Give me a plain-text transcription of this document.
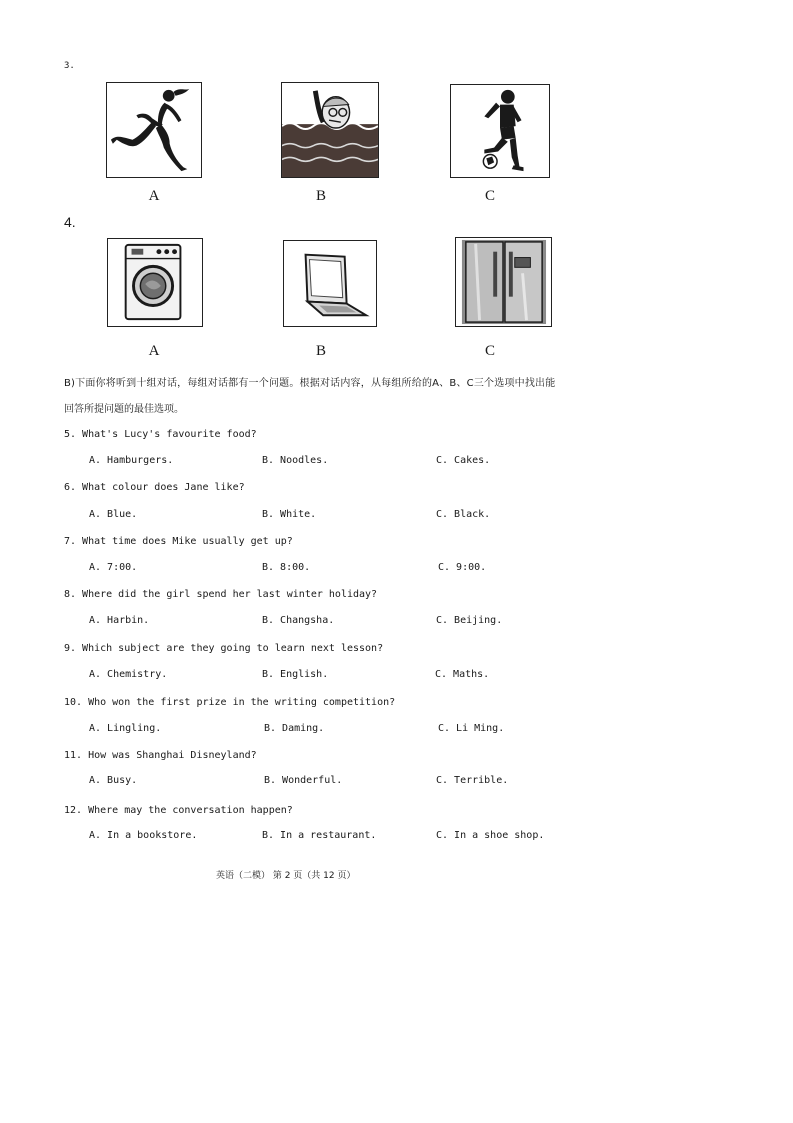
3.
A	B	C
4.
A	B	C
B)下面你将听到十组对话，每组对话都有一个问题。根据对话内容，从每组所给的A、B、C三个选项中找出能
回答所提问题的最佳选项。
5. What's Lucy's favourite food?
A. Hamburgers.	B. Noodles.	C. Cakes.
6. What colour does Jane like?
A. Blue.	B. White.	C. Black.
7. What time does Mike usually get up?
A. 7:00.	B. 8:00.	C. 9:00.
8. Where did the girl spend her last winter holiday?
A. Harbin.	B. Changsha.	C. Beijing.
9. Which subject are they going to learn next lesson?
A. Chemistry.	B. English.	C. Maths.
10. Who won the first prize in the writing competition?
A. Lingling.	B. Daming.	C. Li Ming.
11. How was Shanghai Disneyland?
A. Busy.	B. Wonderful.	C. Terrible.
12. Where may the conversation happen?
A. In a bookstore.	B. In a restaurant.	C. In a shoe shop.
英语（二模） 第 2 页（共 12 页）
